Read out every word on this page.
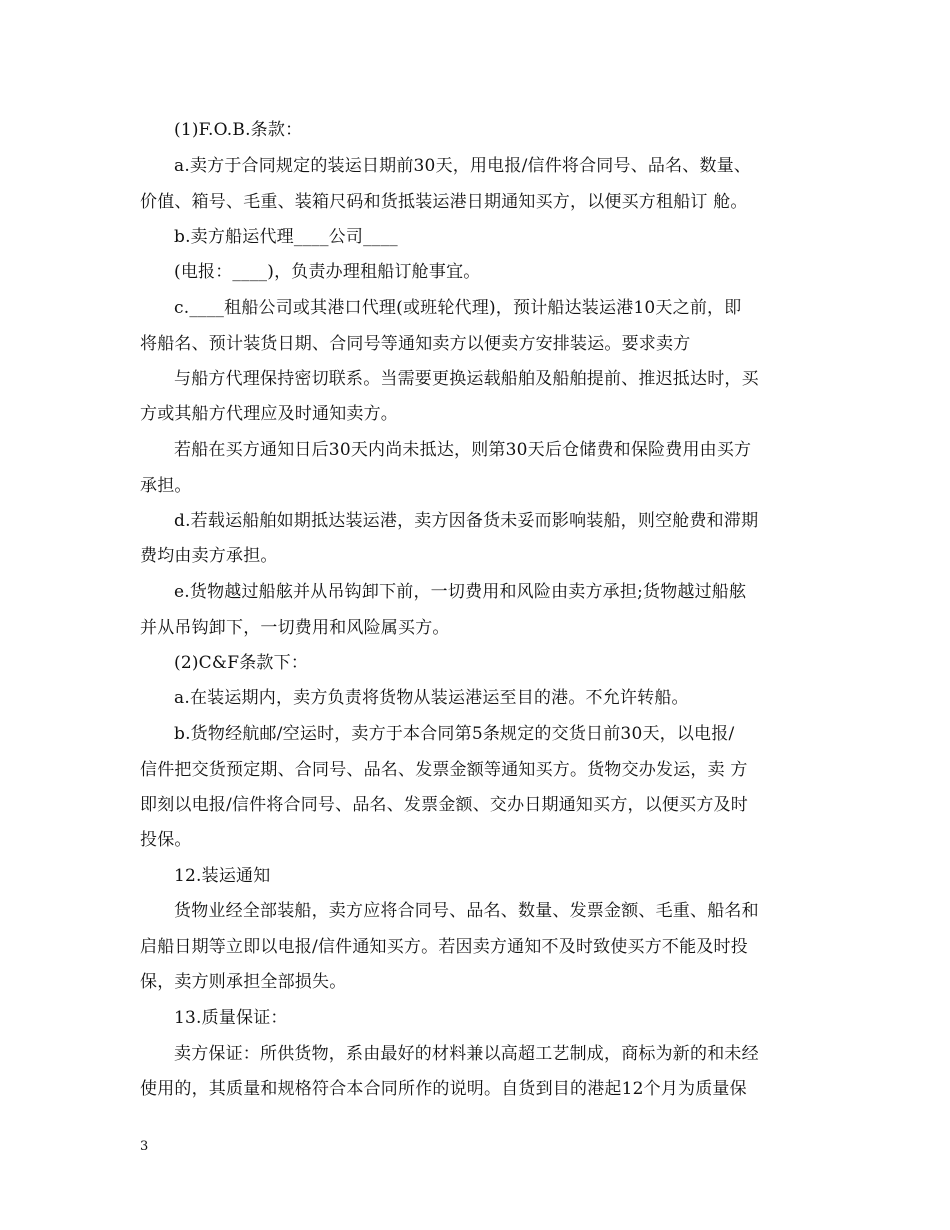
(1)F.O.B.条款：
a.卖方于合同规定的装运日期前30天，用电报/信件将合同号、品名、数量、
价值、箱号、毛重、装箱尺码和货抵装运港日期通知买方，以便买方租船订 舱。
b.卖方船运代理____公司____
(电报：____)，负责办理租船订舱事宜。
c.____租船公司或其港口代理(或班轮代理)，预计船达装运港10天之前，即
将船名、预计装货日期、合同号等通知卖方以便卖方安排装运。要求卖方
与船方代理保持密切联系。当需要更换运载船舶及船舶提前、推迟抵达时，买
方或其船方代理应及时通知卖方。
若船在买方通知日后30天内尚未抵达，则第30天后仓储费和保险费用由买方
承担。
d.若载运船舶如期抵达装运港，卖方因备货未妥而影响装船，则空舱费和滞期
费均由卖方承担。
e.货物越过船舷并从吊钩卸下前，一切费用和风险由卖方承担;货物越过船舷
并从吊钩卸下，一切费用和风险属买方。
(2)C&F条款下：
a.在装运期内，卖方负责将货物从装运港运至目的港。不允许转船。
b.货物经航邮/空运时，卖方于本合同第5条规定的交货日前30天，以电报/
信件把交货预定期、合同号、品名、发票金额等通知买方。货物交办发运，卖 方
即刻以电报/信件将合同号、品名、发票金额、交办日期通知买方，以便买方及时
投保。
12.装运通知
货物业经全部装船，卖方应将合同号、品名、数量、发票金额、毛重、船名和
启船日期等立即以电报/信件通知买方。若因卖方通知不及时致使买方不能及时投
保，卖方则承担全部损失。
13.质量保证：
卖方保证：所供货物，系由最好的材料兼以高超工艺制成，商标为新的和未经
使用的，其质量和规格符合本合同所作的说明。自货到目的港起12个月为质量保
3
